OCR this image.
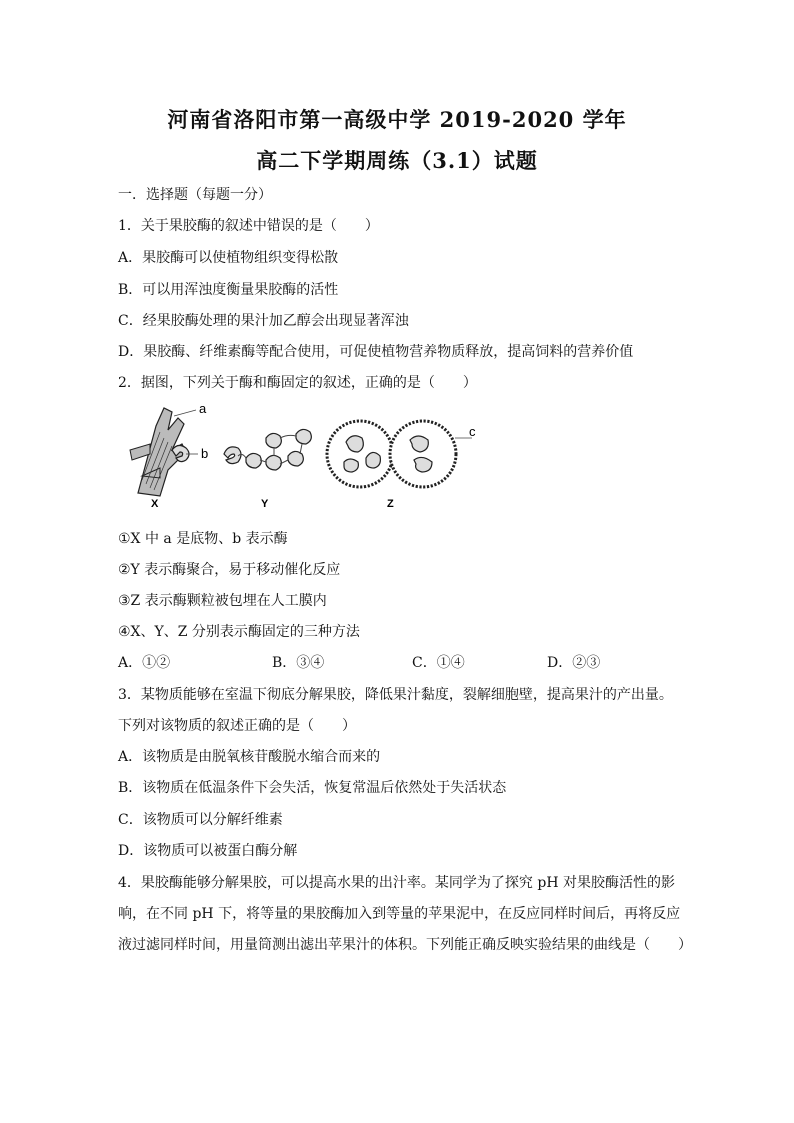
河南省洛阳市第一高级中学 2019-2020 学年
高二下学期周练（3.1）试题
一．选择题（每题一分）
1．关于果胶酶的叙述中错误的是（　　）
A．果胶酶可以使植物组织变得松散
B．可以用浑浊度衡量果胶酶的活性
C．经果胶酶处理的果汁加乙醇会出现显著浑浊
D．果胶酶、纤维素酶等配合使用，可促使植物营养物质释放，提高饲料的营养价值
2．据图，下列关于酶和酶固定的叙述，正确的是（　　）
a
b
X	Y
c
Z
①X 中 a 是底物、b 表示酶
②Y 表示酶聚合，易于移动催化反应
③Z 表示酶颗粒被包埋在人工膜内
④X、Y、Z 分别表示酶固定的三种方法
A．①②	B．③④	C．①④	D．②③
3．某物质能够在室温下彻底分解果胶，降低果汁黏度，裂解细胞壁，提高果汁的产出量。
下列对该物质的叙述正确的是（　　）
A．该物质是由脱氧核苷酸脱水缩合而来的
B．该物质在低温条件下会失活，恢复常温后依然处于失活状态
C．该物质可以分解纤维素
D．该物质可以被蛋白酶分解
4．果胶酶能够分解果胶，可以提高水果的出汁率。某同学为了探究 pH 对果胶酶活性的影
响，在不同 pH 下，将等量的果胶酶加入到等量的苹果泥中，在反应同样时间后，再将反应
液过滤同样时间，用量筒测出滤出苹果汁的体积。下列能正确反映实验结果的曲线是（　　）
